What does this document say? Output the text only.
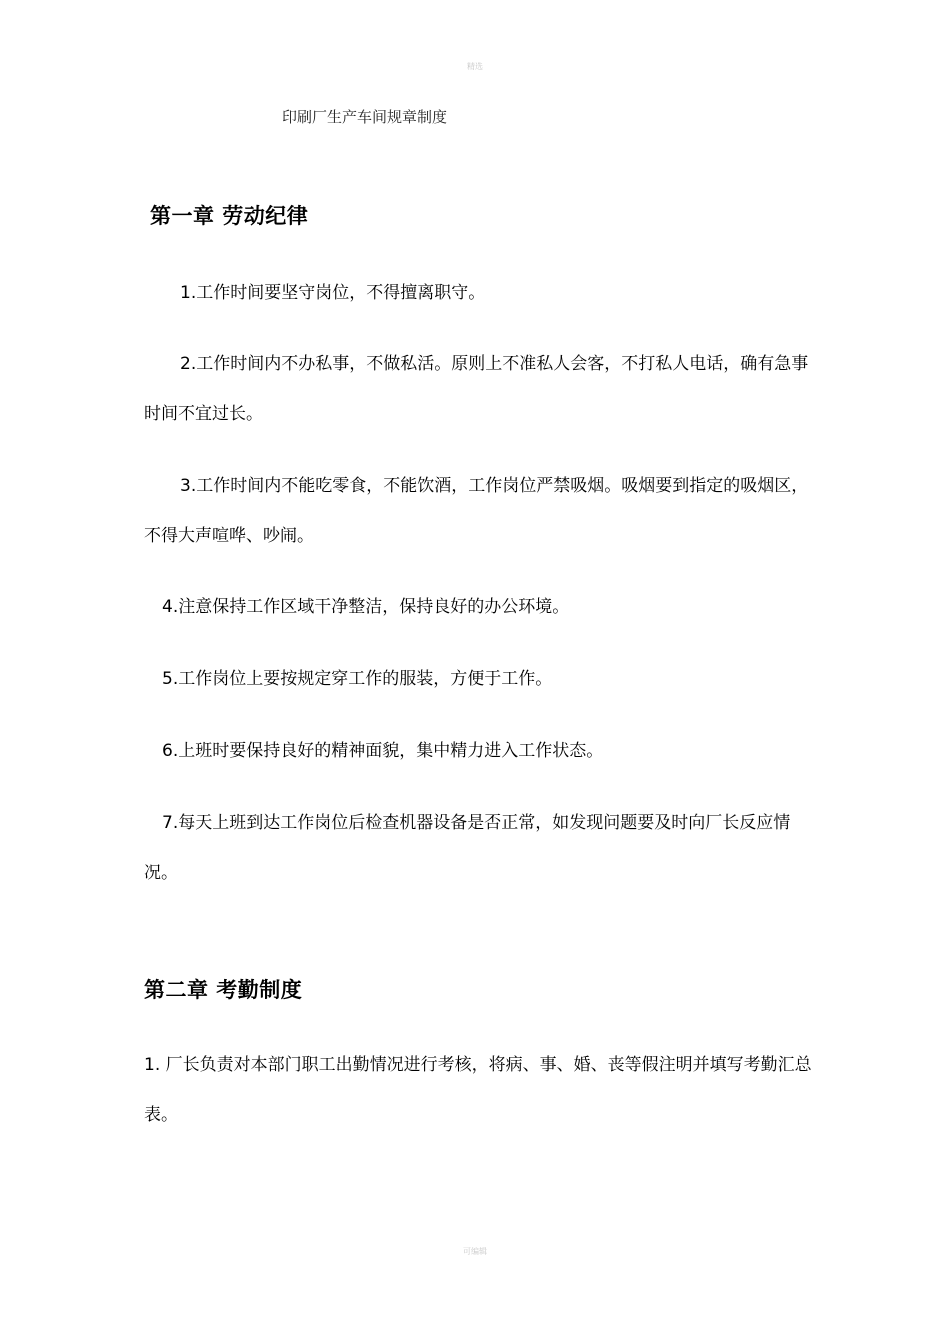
精选
印刷厂生产车间规章制度
第一章 劳动纪律
1.工作时间要坚守岗位，不得擅离职守。
2.工作时间内不办私事，不做私活。原则上不准私人会客，不打私人电话，确有急事时间不宜过长。
3.工作时间内不能吃零食，不能饮酒，工作岗位严禁吸烟。吸烟要到指定的吸烟区，不得大声喧哗、吵闹。
4.注意保持工作区域干净整洁，保持良好的办公环境。
5.工作岗位上要按规定穿工作的服装，方便于工作。
6.上班时要保持良好的精神面貌，集中精力进入工作状态。
7.每天上班到达工作岗位后检查机器设备是否正常，如发现问题要及时向厂长反应情况。
第二章 考勤制度
1. 厂长负责对本部门职工出勤情况进行考核，将病、事、婚、丧等假注明并填写考勤汇总表。
可编辑
